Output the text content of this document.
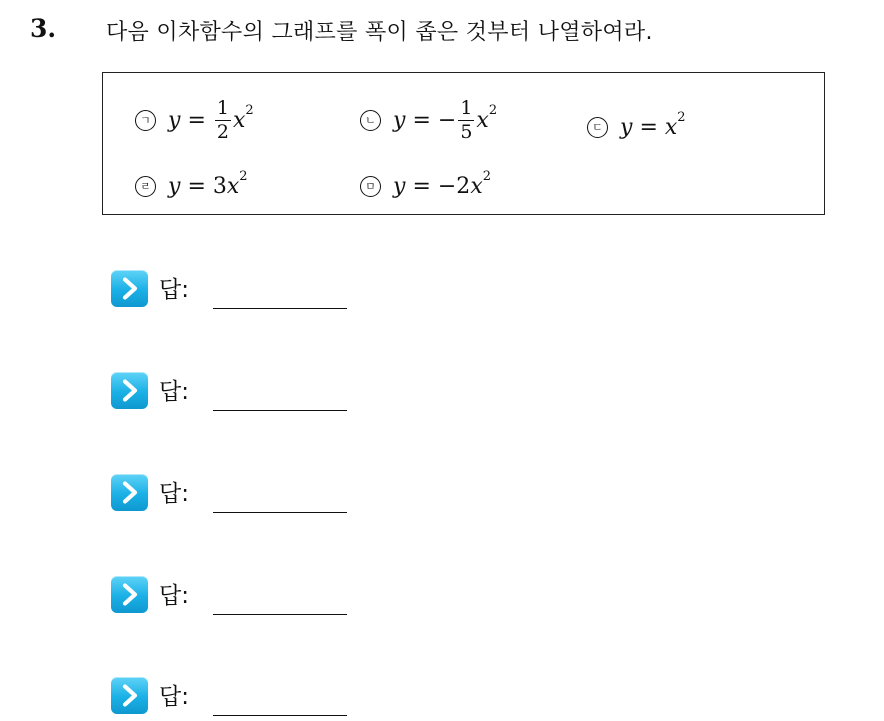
3. 다음 이차함수의 그래프를 폭이 좁은 것부터 나열하여라.
ㄱ $y = \frac{1}{2} x^2$
ㄴ y = − $\frac{1}{5} x^2$
ㄷ $y = x^2$
ㄹ y = 3 $x^2$
ㅁ y = −2 $x^2$
답:
답:
답:
답:
답:
